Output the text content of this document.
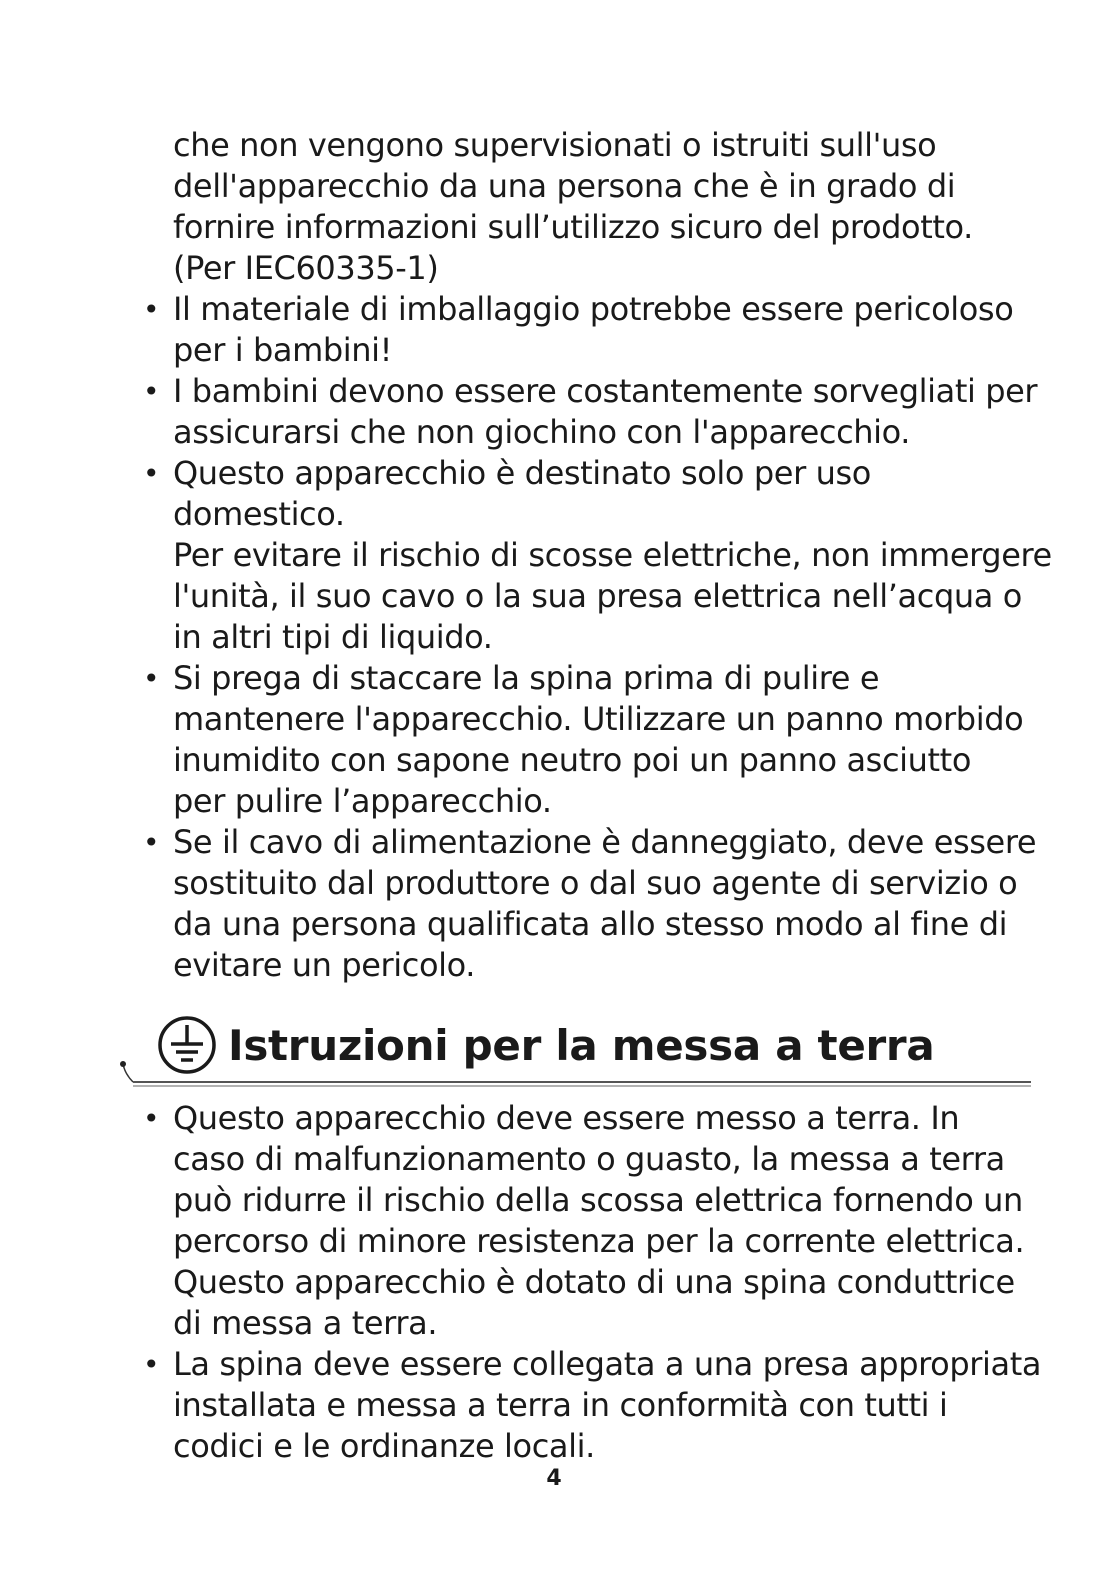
che non vengono supervisionati o istruiti sull'uso
dell'apparecchio da una persona che è in grado di
fornire informazioni sull’utilizzo sicuro del prodotto.
(Per IEC60335-1)
• Il materiale di imballaggio potrebbe essere pericoloso
per i bambini!
• I bambini devono essere costantemente sorvegliati per
assicurarsi che non giochino con l'apparecchio.
• Questo apparecchio è destinato solo per uso
domestico.
Per evitare il rischio di scosse elettriche, non immergere
l'unità, il suo cavo o la sua presa elettrica nell’acqua o
in altri tipi di liquido.
• Si prega di staccare la spina prima di pulire e
mantenere l'apparecchio. Utilizzare un panno morbido
inumidito con sapone neutro poi un panno asciutto
per pulire l’apparecchio.
• Se il cavo di alimentazione è danneggiato, deve essere
sostituito dal produttore o dal suo agente di servizio o
da una persona qualificata allo stesso modo al fine di
evitare un pericolo.
Istruzioni per la messa a terra
• Questo apparecchio deve essere messo a terra. In
caso di malfunzionamento o guasto, la messa a terra
può ridurre il rischio della scossa elettrica fornendo un
percorso di minore resistenza per la corrente elettrica.
Questo apparecchio è dotato di una spina conduttrice
di messa a terra.
• La spina deve essere collegata a una presa appropriata
installata e messa a terra in conformità con tutti i
codici e le ordinanze locali.
4
